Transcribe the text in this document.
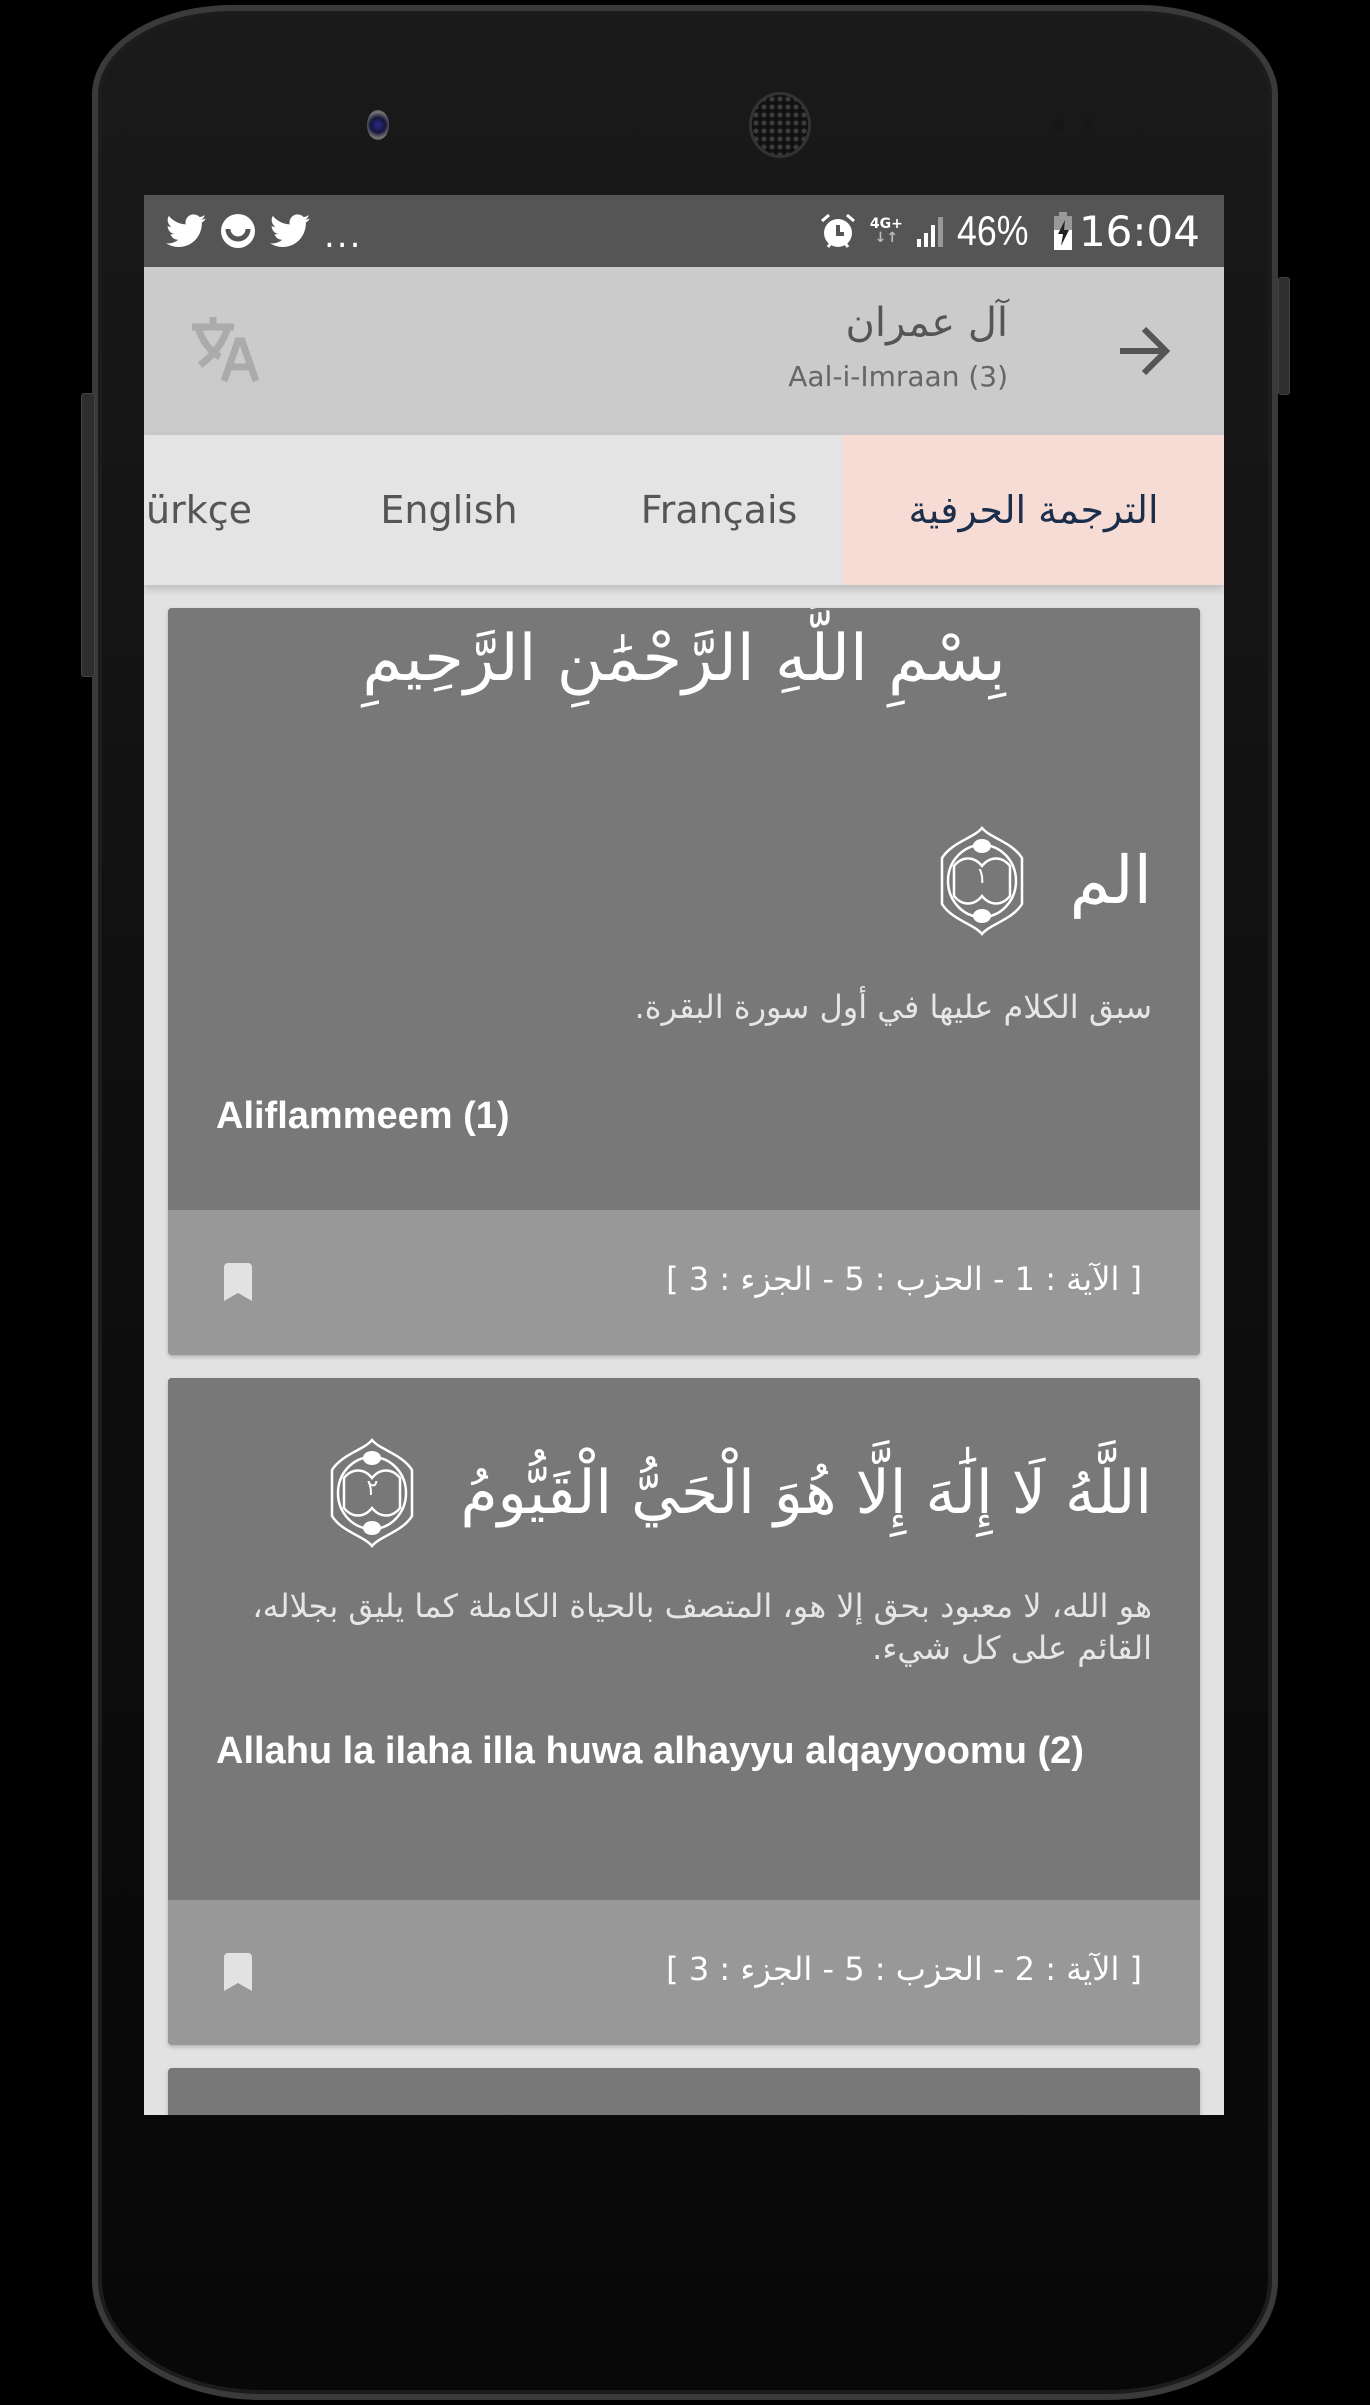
...	4G+
↓↑ 46% 16:04
آل عمران
Aal-i-Imraan (3)
ürkçe	English	Français	الترجمة الحرفية
بِسْمِ اللَّهِ الرَّحْمَٰنِ الرَّحِيمِ
الم
١
سبق الكلام عليها في أول سورة البقرة.
Aliflammeem (1)
[ الآية : 1 - الحزب : 5 - الجزء : 3 ]
اللَّهُ لَا إِلَٰهَ إِلَّا هُوَ الْحَيُّ الْقَيُّومُ
٢
هو الله، لا معبود بحق إلا هو، المتصف بالحياة الكاملة كما يليق بجلاله، القائم على كل شيء.
Allahu la ilaha illa huwa alhayyu alqayyoomu (2)
[ الآية : 2 - الحزب : 5 - الجزء : 3 ]
